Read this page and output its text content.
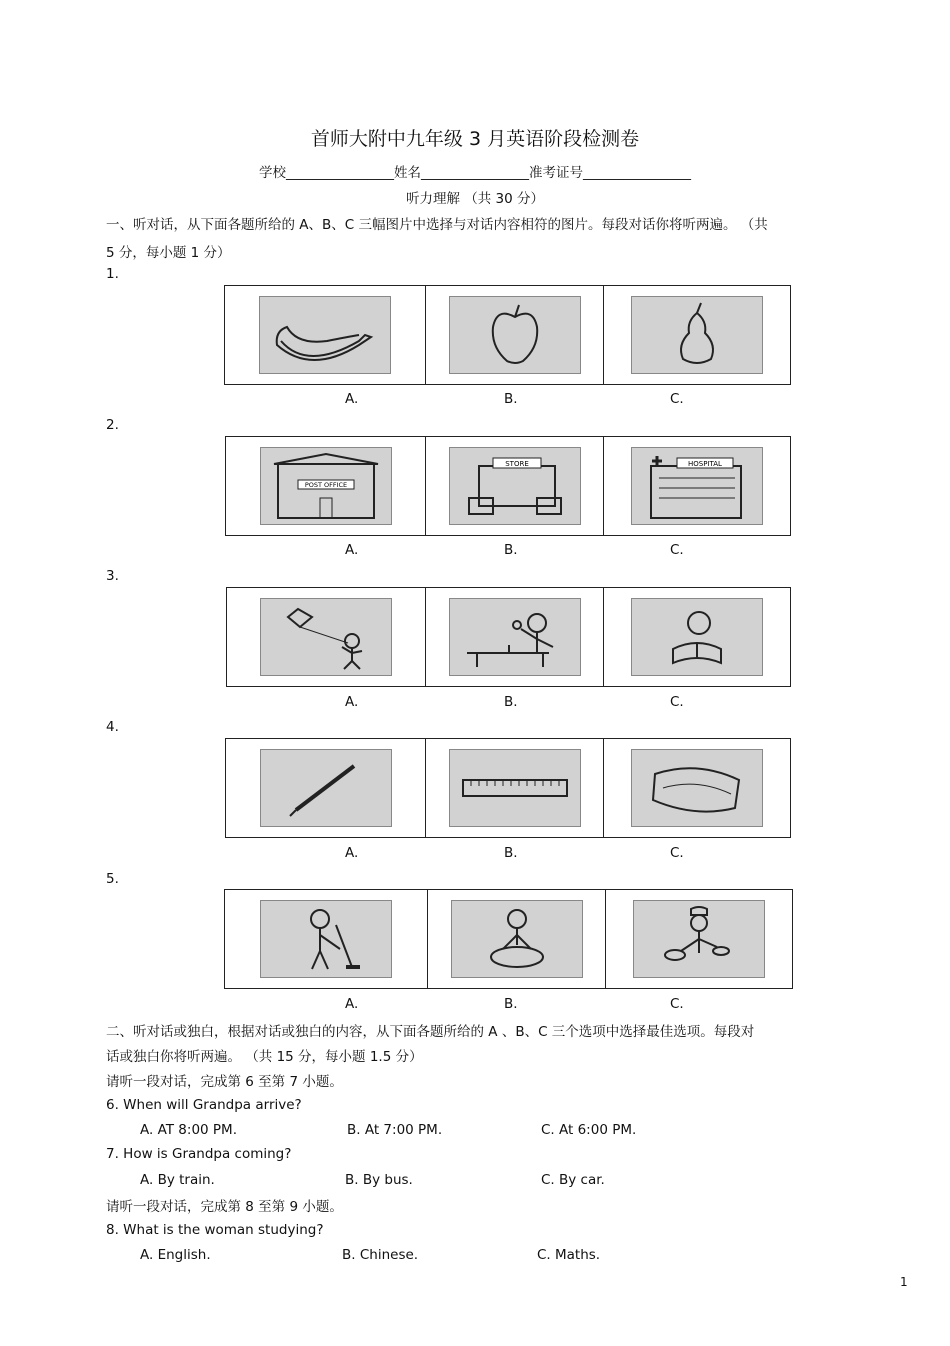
首师大附中九年级 3 月英语阶段检测卷
学校________________姓名________________准考证号________________
听力理解 （共 30 分）
一、听对话，从下面各题所给的 A、B、C 三幅图片中选择与对话内容相符的图片。每段对话你将听两遍。 （共
5 分，每小题 1 分）
1.
A.	B.	C.
2.
POST OFFICE
STORE	HOSPITAL
A.	B.	C.
3.
A.	B.	C.
4.
A.	B.	C.
5.
A.	B.	C.
二、听对话或独白，根据对话或独白的内容，从下面各题所给的 A 、B、C 三个选项中选择最佳选项。每段对
话或独白你将听两遍。 （共 15 分，每小题 1.5 分）
请听一段对话，完成第 6 至第 7 小题。
6. When will Grandpa arrive?
A. AT 8:00 PM.	B. At 7:00 PM.	C. At 6:00 PM.
7. How is Grandpa coming?
A. By train.	B. By bus.	C. By car.
请听一段对话，完成第 8 至第 9 小题。
8. What is the woman studying?
A. English.	B. Chinese.	C. Maths.
1
